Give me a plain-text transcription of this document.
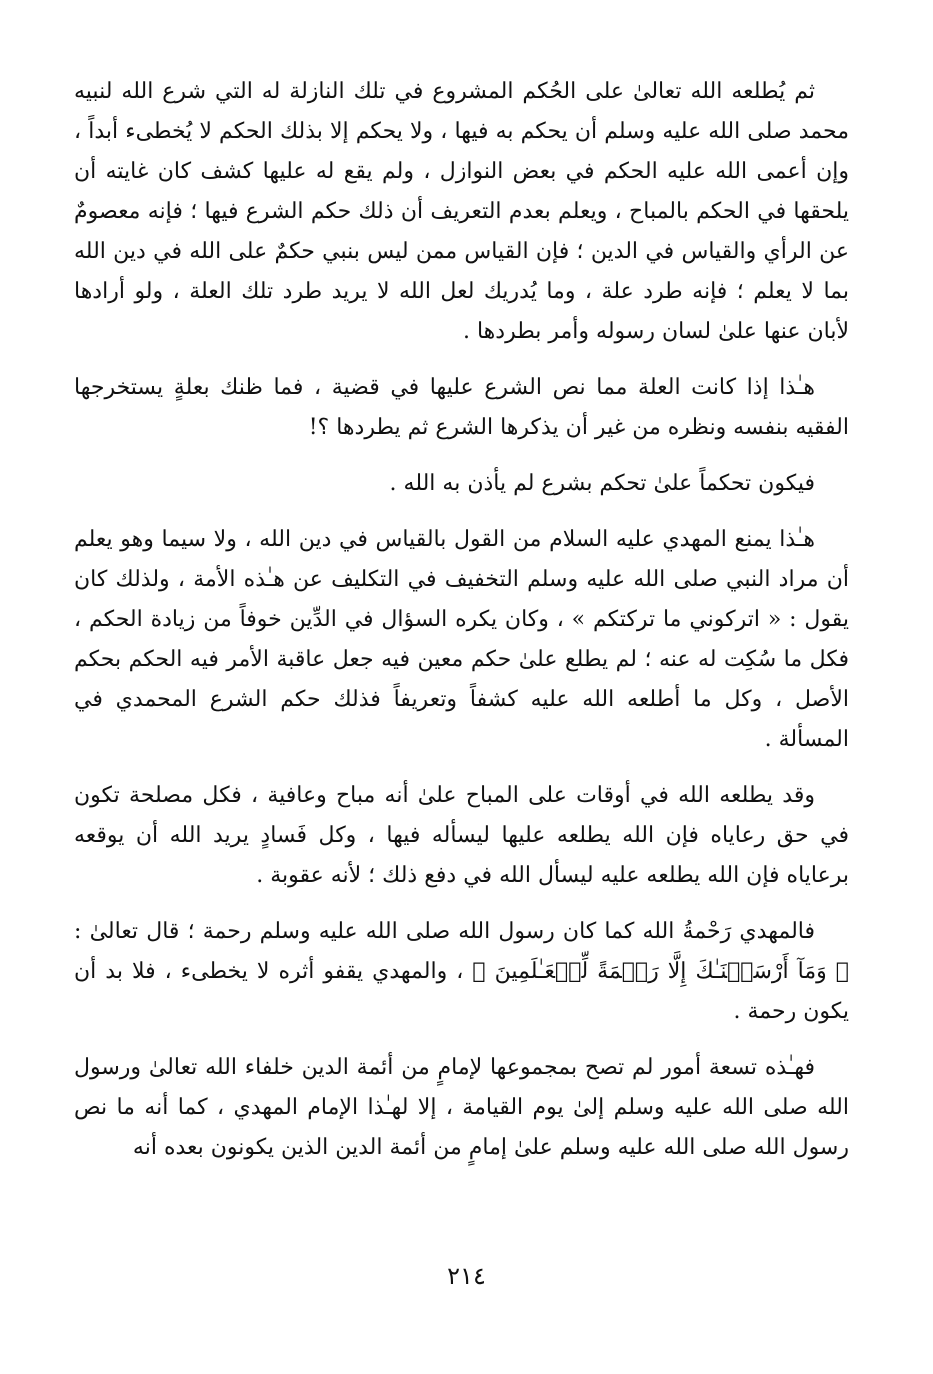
ثم يُطلعه الله تعالىٰ على الحُكم المشروع في تلك النازلة له التي شرع الله لنبيه محمد صلى الله عليه وسلم أن يحكم به فيها ، ولا يحكم إلا بذلك الحكم لا يُخطىء أبداً ، وإن أعمى الله عليه الحكم في بعض النوازل ، ولم يقع له عليها كشف كان غايته أن يلحقها في الحكم بالمباح ، ويعلم بعدم التعريف أن ذلك حكم الشرع فيها ؛ فإنه معصومٌ عن الرأي والقياس في الدين ؛ فإن القياس ممن ليس بنبي حكمٌ على الله في دين الله بما لا يعلم ؛ فإنه طرد علة ، وما يُدريك لعل الله لا يريد طرد تلك العلة ، ولو أرادها لأبان عنها علىٰ لسان رسوله وأمر بطردها .

هـٰذا إذا كانت العلة مما نص الشرع عليها في قضية ، فما ظنك بعلةٍ يستخرجها الفقيه بنفسه ونظره من غير أن يذكرها الشرع ثم يطردها ؟!

فيكون تحكماً علىٰ تحكم بشرع لم يأذن به الله .

هـٰذا يمنع المهدي عليه السلام من القول بالقياس في دين الله ، ولا سيما وهو يعلم أن مراد النبي صلى الله عليه وسلم التخفيف في التكليف عن هـٰذه الأمة ، ولذلك كان يقول : « اتركوني ما تركتكم » ، وكان يكره السؤال في الدِّين خوفاً من زيادة الحكم ، فكل ما سُكِت له عنه ؛ لم يطلع علىٰ حكم معين فيه جعل عاقبة الأمر فيه الحكم بحكم الأصل ، وكل ما أطلعه الله عليه كشفاً وتعريفاً فذلك حكم الشرع المحمدي في المسألة .

وقد يطلعه الله في أوقات على المباح علىٰ أنه مباح وعافية ، فكل مصلحة تكون في حق رعاياه فإن الله يطلعه عليها ليسأله فيها ، وكل فَسادٍ يريد الله أن يوقعه برعاياه فإن الله يطلعه عليه ليسأل الله في دفع ذلك ؛ لأنه عقوبة .

فالمهدي رَحْمةُ الله كما كان رسول الله صلى الله عليه وسلم رحمة ؛ قال تعالىٰ : ﴿ وَمَآ أَرْسَلۡنَـٰكَ إِلَّا رَحۡمَةً لِّلۡعَـٰلَمِينَ ﴾ ، والمهدي يقفو أثره لا يخطىء ، فلا بد أن يكون رحمة .

فهـٰذه تسعة أمور لم تصح بمجموعها لإمامٍ من أئمة الدين خلفاء الله تعالىٰ ورسول الله صلى الله عليه وسلم إلىٰ يوم القيامة ، إلا لهـٰذا الإمام المهدي ، كما أنه ما نص رسول الله صلى الله عليه وسلم علىٰ إمامٍ من أئمة الدين الذين يكونون بعده أنه

٢١٤
